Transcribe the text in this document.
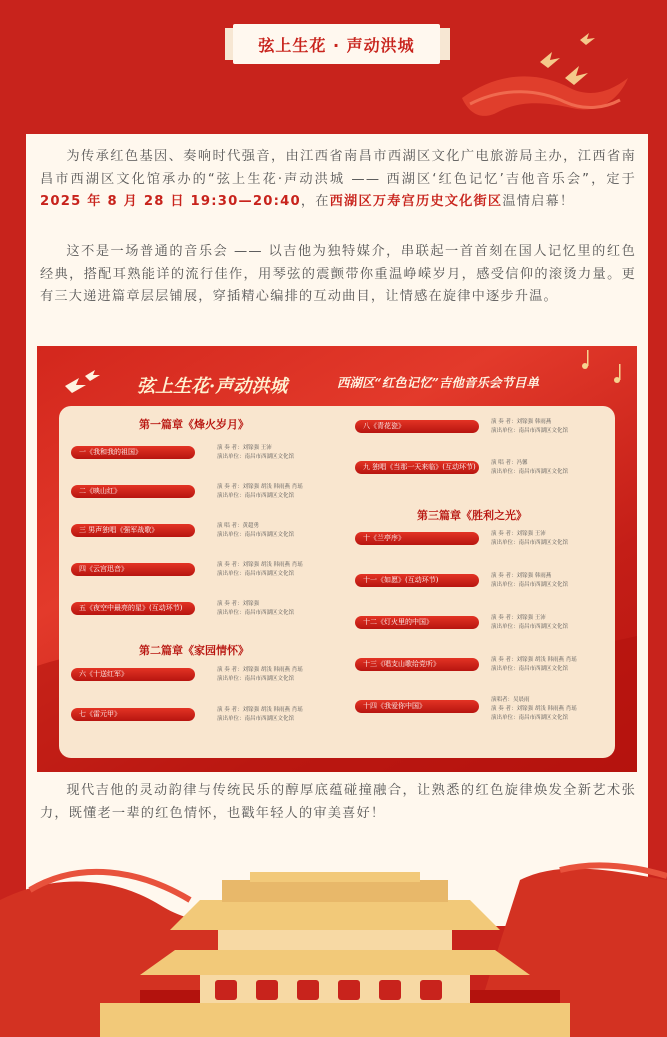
弦上生花 · 声动洪城
为传承红色基因、奏响时代强音，由江西省南昌市西湖区文化广电旅游局主办，江西省南昌市西湖区文化馆承办的“弦上生花·声动洪城 —— 西湖区‘红色记忆’吉他音乐会”，定于2025 年 8 月 28 日 19:30—20:40，在西湖区万寿宫历史文化街区温情启幕！
这不是一场普通的音乐会 —— 以吉他为独特媒介，串联起一首首刻在国人记忆里的红色经典，搭配耳熟能详的流行佳作，用琴弦的震颤带你重温峥嵘岁月，感受信仰的滚烫力量。更有三大递进篇章层层铺展，穿插精心编排的互动曲目，让情感在旋律中逐步升温。
弦上生花·声动洪城	西湖区“红色记忆”吉他音乐会节目单
第一篇章《烽火岁月》
第二篇章《家园情怀》
第三篇章《胜利之光》
一《我和我的祖国》	演 奏 者：刘镓强 王沛
演出单位：南昌市西湖区文化馆
二《映山红》	演 奏 者：刘镓强 胡浅 韩雨燕 肖瑶
演出单位：南昌市西湖区文化馆
三 男声独唱《强军战歌》	演 唱 者：黄超勇
演出单位：南昌市西湖区文化馆
四《云宫迅音》	演 奏 者：刘镓强 胡浅 韩雨燕 肖瑶
演出单位：南昌市西湖区文化馆
五《夜空中最亮的星》(互动环节)	演 奏 者：刘镓强
演出单位：南昌市西湖区文化馆
六《十送红军》	演 奏 者：刘镓强 胡浅 韩雨燕 肖瑶
演出单位：南昌市西湖区文化馆
七《雷元甲》	演 奏 者：刘镓强 胡浅 韩雨燕 肖瑶
演出单位：南昌市西湖区文化馆
八《青花瓷》	演 奏 者：刘镓强 韩雨燕
演出单位：南昌市西湖区文化馆
九 独唱《当那一天来临》(互动环节)	演 唱 者：冯馨
演出单位：南昌市西湖区文化馆
十《兰亭序》	演 奏 者：刘镓强 王沛
演出单位：南昌市西湖区文化馆
十一《如愿》(互动环节)	演 奏 者：刘镓强 韩雨燕
演出单位：南昌市西湖区文化馆
十二《灯火里的中国》	演 奏 者：刘镓强 王沛
演出单位：南昌市西湖区文化馆
十三《唱支山歌给党听》	演 奏 者：刘镓强 胡浅 韩雨燕 肖瑶
演出单位：南昌市西湖区文化馆
十四《我爱你中国》
演唱者：吴晨雨
演 奏 者：刘镓强 胡浅 韩雨燕 肖瑶
演出单位：南昌市西湖区文化馆
现代吉他的灵动韵律与传统民乐的醇厚底蕴碰撞融合，让熟悉的红色旋律焕发全新艺术张力，既懂老一辈的红色情怀，也戳年轻人的审美喜好！
